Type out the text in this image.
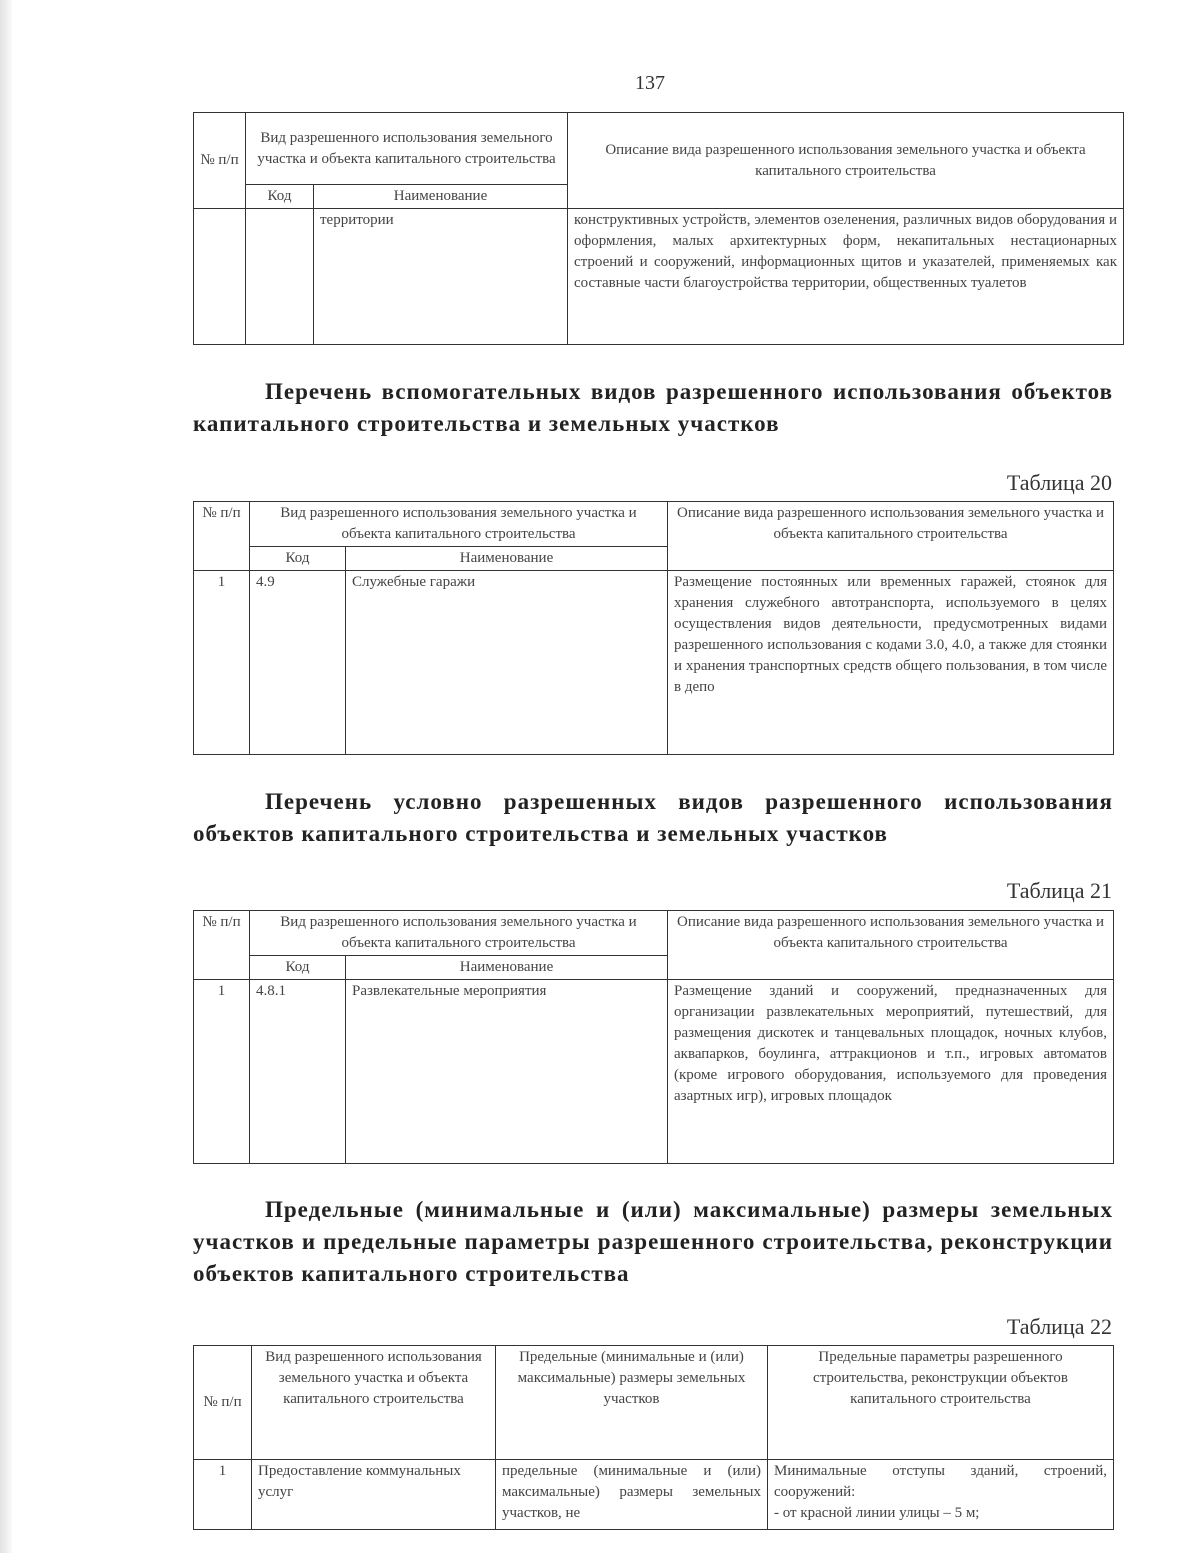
137
№ п/п	Вид разрешенного использования земельного участка и объекта капитального строительства		Описание вида разрешенного использования земельного участка и объекта капитального строительства
	Код	Наименование	
		территории	конструктивных устройств, элементов озеленения, различных видов оборудования и оформления, малых архитектурных форм, некапитальных нестационарных строений и сооружений, информационных щитов и указателей, применяемых как составные части благоустройства территории, общественных туалетов
Перечень вспомогательных видов разрешенного использования объектов капитального строительства и земельных участков
Таблица 20
№ п/п	Вид разрешенного использования земельного участка и объекта капитального строительства		Описание вида разрешенного использования земельного участка и объекта капитального строительства
	Код	Наименование	
1	4.9	Служебные гаражи	Размещение постоянных или временных гаражей, стоянок для хранения служебного автотранспорта, используемого в целях осуществления видов деятельности, предусмотренных видами разрешенного использования с кодами 3.0, 4.0, а также для стоянки и хранения транспортных средств общего пользования, в том числе в депо
Перечень условно разрешенных видов разрешенного использования объектов капитального строительства и земельных участков
Таблица 21
№ п/п	Вид разрешенного использования земельного участка и объекта капитального строительства		Описание вида разрешенного использования земельного участка и объекта капитального строительства
	Код	Наименование	
1	4.8.1	Развлекательные мероприятия	Размещение зданий и сооружений, предназначенных для организации развлекательных мероприятий, путешествий, для размещения дискотек и танцевальных площадок, ночных клубов, аквапарков, боулинга, аттракционов и т.п., игровых автоматов (кроме игрового оборудования, используемого для проведения азартных игр), игровых площадок
Предельные (минимальные и (или) максимальные) размеры земельных участков и предельные параметры разрешенного строительства, реконструкции объектов капитального строительства
Таблица 22
№ п/п	Вид разрешенного использования земельного участка и объекта капитального строительства	Предельные (минимальные и (или) максимальные) размеры земельных участков	Предельные параметры разрешенного строительства, реконструкции объектов капитального строительства
1	Предоставление коммунальных услуг	предельные (минимальные и (или) максимальные) размеры земельных участков, не	Минимальные отступы зданий, строений, сооружений:
- от красной линии улицы – 5 м;
